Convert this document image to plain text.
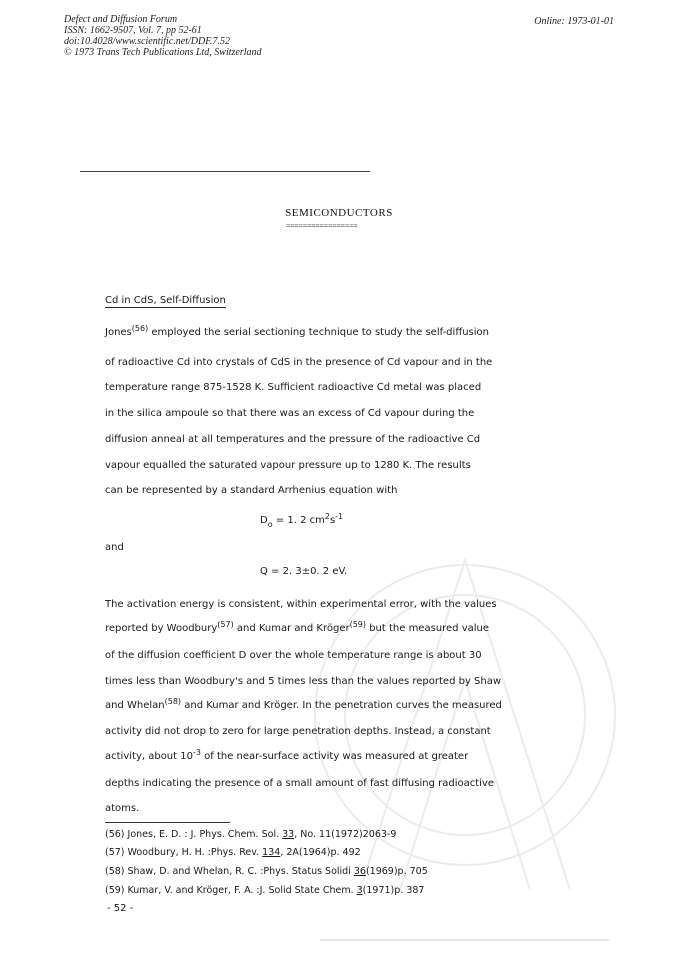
Defect and Diffusion Forum
ISSN: 1662-9507, Vol. 7, pp 52-61
doi:10.4028/www.scientific.net/DDF.7.52
© 1973 Trans Tech Publications Ltd, Switzerland
Online: 1973-01-01
SEMICONDUCTORS
=================
Cd in CdS, Self-Diffusion
Jones$^{(56)}$ employed the serial sectioning technique to study the self-diffusion
of radioactive Cd into crystals of CdS in the presence of Cd vapour and in the
temperature range 875-1528 K. Sufficient radioactive Cd metal was placed
in the silica ampoule so that there was an excess of Cd vapour during the
diffusion anneal at all temperatures and the pressure of the radioactive Cd
vapour equalled the saturated vapour pressure up to 1280 K. The results
can be represented by a standard Arrhenius equation with
$D_o = 1$. 2 $cm^2s^{-1}$
and
Q = 2. 3±0. 2 eV.
The activation energy is consistent, within experimental error, with the values
reported by Woodbury$^{(57)}$ and Kumar and Kröger$^{(59)}$ but the measured value
of the diffusion coefficient D over the whole temperature range is about 30
times less than Woodbury's and 5 times less than the values reported by Shaw
and Whelan$^{(58)}$ and Kumar and Kröger. In the penetration curves the measured
activity did not drop to zero for large penetration depths. Instead, a constant
activity, about $10^{-3}$ of the near-surface activity was measured at greater
depths indicating the presence of a small amount of fast diffusing radioactive
atoms.
(56) Jones, E. D. : J. Phys. Chem. Sol. 33, No. 11(1972)2063-9
(57) Woodbury, H. H. :Phys. Rev. 134, 2A(1964)p. 492
(58) Shaw, D. and Whelan, R. C. :Phys. Status Solidi 36(1969)p. 705
(59) Kumar, V. and Kröger, F. A. :J. Solid State Chem. 3(1971)p. 387
- 52 -
